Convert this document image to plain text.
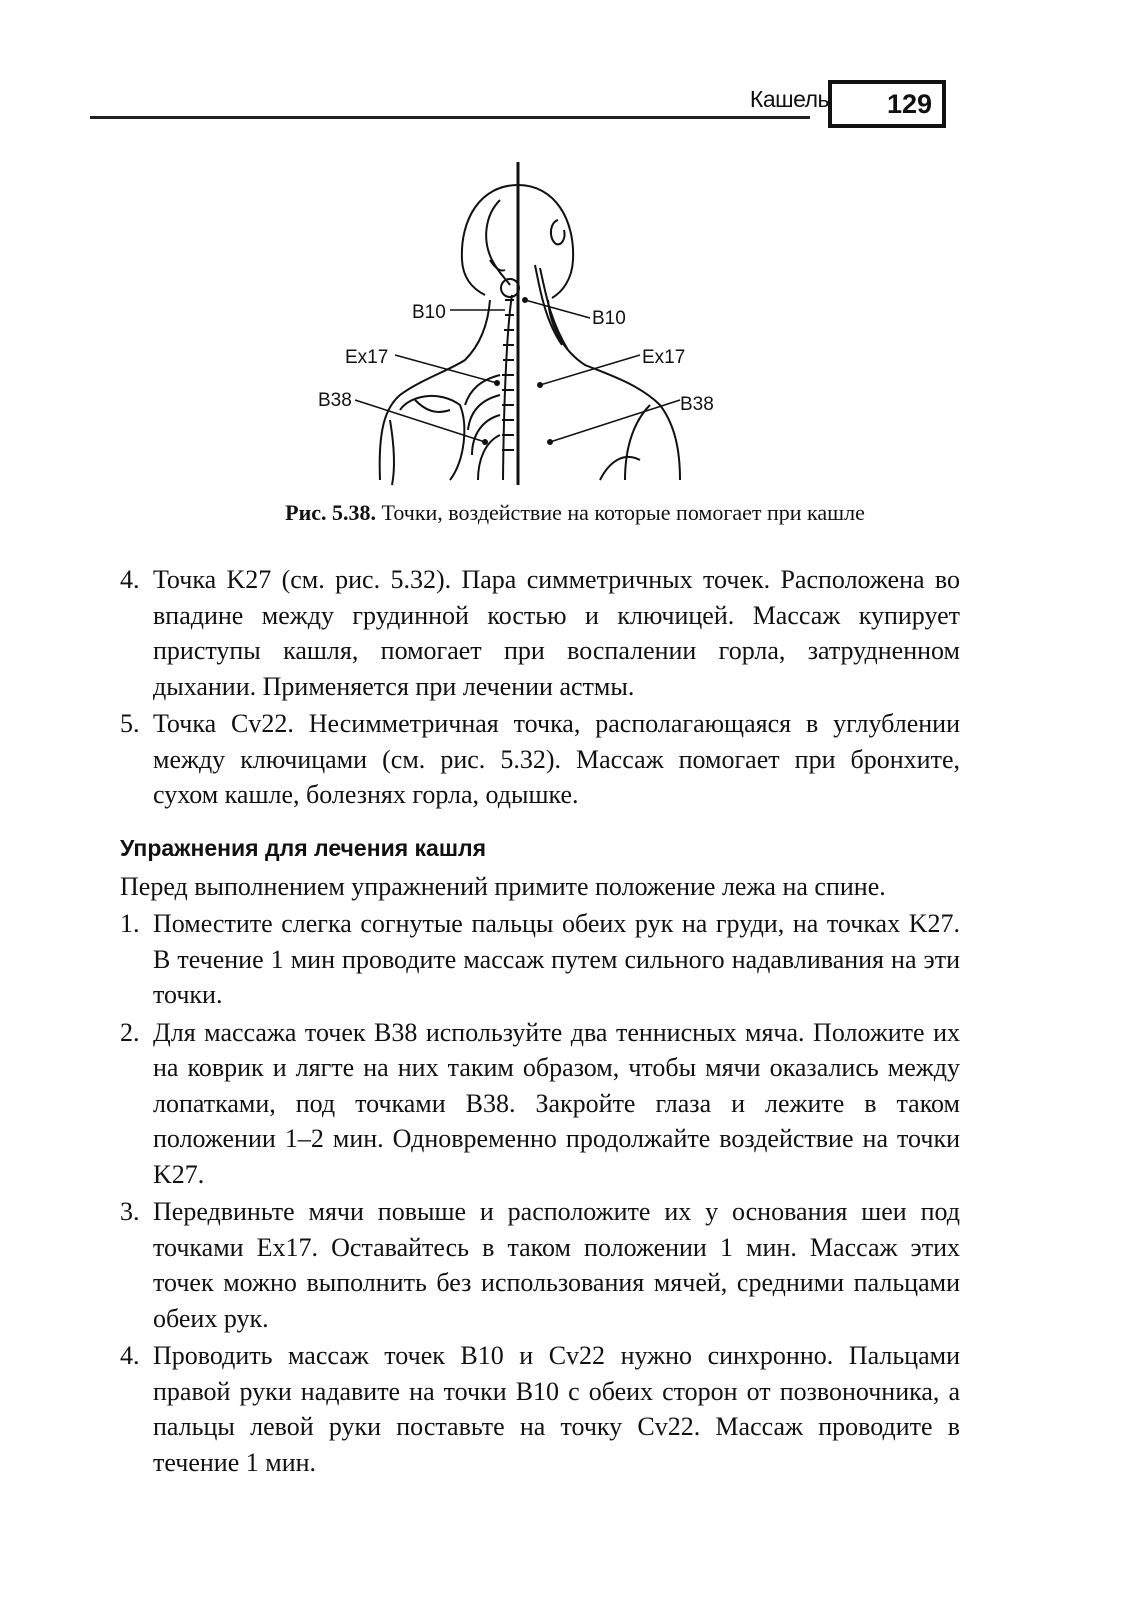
Кашель	129
B10	B10
Ex17	Ex17
B38	B38
Рис. 5.38. Точки, воздействие на которые помогает при кашле
4. Точка K27 (см. рис. 5.32). Пара симметричных точек. Расположена во впадине между грудинной костью и ключицей. Массаж купирует приступы кашля, помогает при воспалении горла, затрудненном дыхании. Применяется при лечении астмы.
5. Точка Cv22. Несимметричная точка, располагающаяся в углублении между ключицами (см. рис. 5.32). Массаж помогает при бронхите, сухом кашле, болезнях горла, одышке.
Упражнения для лечения кашля
Перед выполнением упражнений примите положение лежа на спине.
1. Поместите слегка согнутые пальцы обеих рук на груди, на точках K27. В течение 1 мин проводите массаж путем сильного надавливания на эти точки.
2. Для массажа точек B38 используйте два теннисных мяча. Положите их на коврик и лягте на них таким образом, чтобы мячи оказались между лопатками, под точками B38. Закройте глаза и лежите в таком положении 1–2 мин. Одновременно продолжайте воздействие на точки K27.
3. Передвиньте мячи повыше и расположите их у основания шеи под точками Ex17. Оставайтесь в таком положении 1 мин. Массаж этих точек можно выполнить без использования мячей, средними пальцами обеих рук.
4. Проводить массаж точек B10 и Cv22 нужно синхронно. Пальцами правой руки надавите на точки B10 с обеих сторон от позвоночника, а пальцы левой руки поставьте на точку Cv22. Массаж проводите в течение 1 мин.
